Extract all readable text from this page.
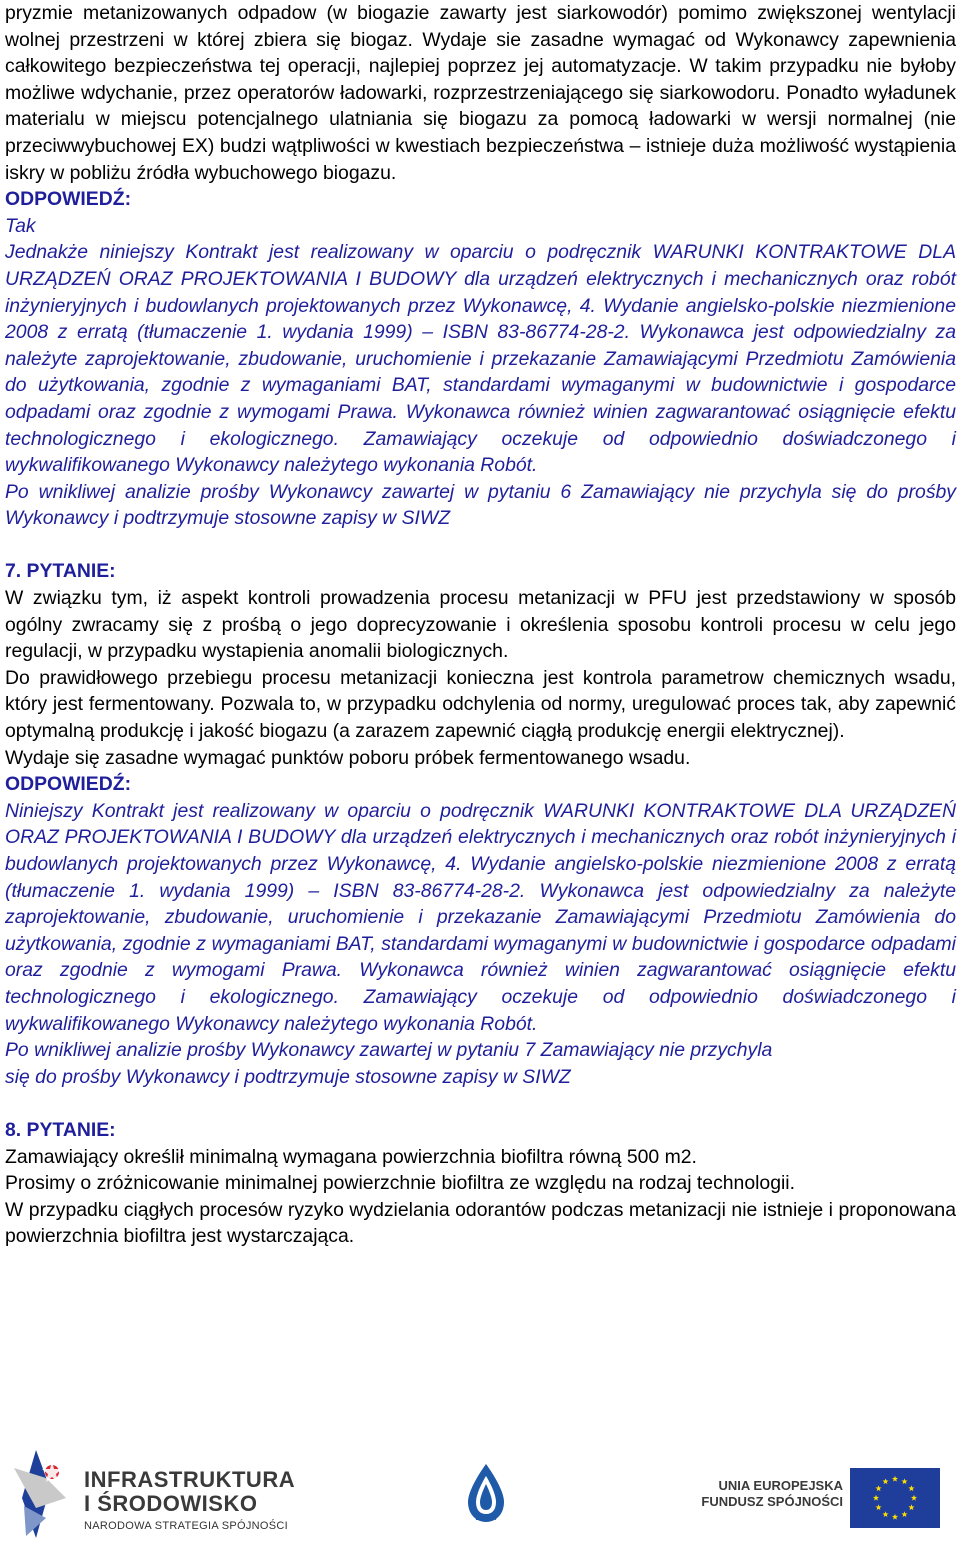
pryzmie metanizowanych odpadow (w biogazie zawarty jest siarkowodór) pomimo zwiększonej wentylacji wolnej przestrzeni w której zbiera się biogaz. Wydaje sie zasadne wymagać od Wykonawcy zapewnienia całkowitego bezpieczeństwa tej operacji, najlepiej poprzez jej automatyzacje. W takim przypadku nie byłoby możliwe wdychanie, przez operatorów ładowarki, rozprzestrzeniającego się siarkowodoru. Ponadto wyładunek materialu w miejscu potencjalnego ulatniania się biogazu za pomocą ładowarki w wersji normalnej (nie przeciwwybuchowej EX) budzi wątpliwości w kwestiach bezpieczeństwa – istnieje duża możliwość wystąpienia iskry w pobliżu źródła wybuchowego biogazu.

ODPOWIEDŹ:

Tak

Jednakże niniejszy Kontrakt jest realizowany w oparciu o podręcznik WARUNKI KONTRAKTOWE DLA URZĄDZEŃ ORAZ PROJEKTOWANIA I BUDOWY dla urządzeń elektrycznych i mechanicznych oraz robót inżynieryjnych i budowlanych projektowanych przez Wykonawcę, 4. Wydanie angielsko-polskie niezmienione 2008 z erratą (tłumaczenie 1. wydania 1999) – ISBN 83-86774-28-2. Wykonawca jest odpowiedzialny za należyte zaprojektowanie, zbudowanie, uruchomienie i przekazanie Zamawiającymi Przedmiotu Zamówienia do użytkowania, zgodnie z wymaganiami BAT, standardami wymaganymi w budownictwie i gospodarce odpadami oraz zgodnie z wymogami Prawa. Wykonawca również winien zagwarantować osiągnięcie efektu technologicznego i ekologicznego. Zamawiający oczekuje od odpowiednio doświadczonego i wykwalifikowanego Wykonawcy należytego wykonania Robót.

Po wnikliwej analizie prośby Wykonawcy zawartej w pytaniu 6 Zamawiający nie przychyla się do prośby Wykonawcy i podtrzymuje stosowne zapisy w SIWZ

7. PYTANIE:

W związku tym, iż aspekt kontroli prowadzenia procesu metanizacji w PFU jest przedstawiony w sposób ogólny zwracamy się z prośbą o jego doprecyzowanie i określenia sposobu kontroli procesu w celu jego regulacji, w przypadku wystapienia anomalii biologicznych.

Do prawidłowego przebiegu procesu metanizacji konieczna jest kontrola parametrow chemicznych wsadu, który jest fermentowany. Pozwala to, w przypadku odchylenia od normy, uregulować proces tak, aby zapewnić optymalną produkcję i jakość biogazu (a zarazem zapewnić ciągłą produkcję energii elektrycznej).

Wydaje się zasadne wymagać punktów poboru próbek fermentowanego wsadu.

ODPOWIEDŹ:

Niniejszy Kontrakt jest realizowany w oparciu o podręcznik WARUNKI KONTRAKTOWE DLA URZĄDZEŃ ORAZ PROJEKTOWANIA I BUDOWY dla urządzeń elektrycznych i mechanicznych oraz robót inżynieryjnych i budowlanych projektowanych przez Wykonawcę, 4. Wydanie angielsko-polskie niezmienione 2008 z erratą (tłumaczenie 1. wydania 1999) – ISBN 83-86774-28-2. Wykonawca jest odpowiedzialny za należyte zaprojektowanie, zbudowanie, uruchomienie i przekazanie Zamawiającymi Przedmiotu Zamówienia do użytkowania, zgodnie z wymaganiami BAT, standardami wymaganymi w budownictwie i gospodarce odpadami oraz zgodnie z wymogami Prawa. Wykonawca również winien zagwarantować osiągnięcie efektu technologicznego i ekologicznego. Zamawiający oczekuje od odpowiednio doświadczonego i wykwalifikowanego Wykonawcy należytego wykonania Robót.

Po wnikliwej analizie prośby Wykonawcy zawartej w pytaniu 7 Zamawiający nie przychyla

się do prośby Wykonawcy i podtrzymuje stosowne zapisy w SIWZ

8. PYTANIE:

Zamawiający określił minimalną wymagana powierzchnia biofiltra równą 500 m2.

Prosimy o zróżnicowanie minimalnej powierzchnie biofiltra ze względu na rodzaj technologii.

W przypadku ciągłych procesów ryzyko wydzielania odorantów podczas metanizacji nie istnieje i proponowana powierzchnia biofiltra jest wystarczająca.

INFRASTRUKTURA
I ŚRODOWISKO
NARODOWA STRATEGIA SPÓJNOŚCI
B-WiK
UNIA EUROPEJSKA
FUNDUSZ SPÓJNOŚCI
